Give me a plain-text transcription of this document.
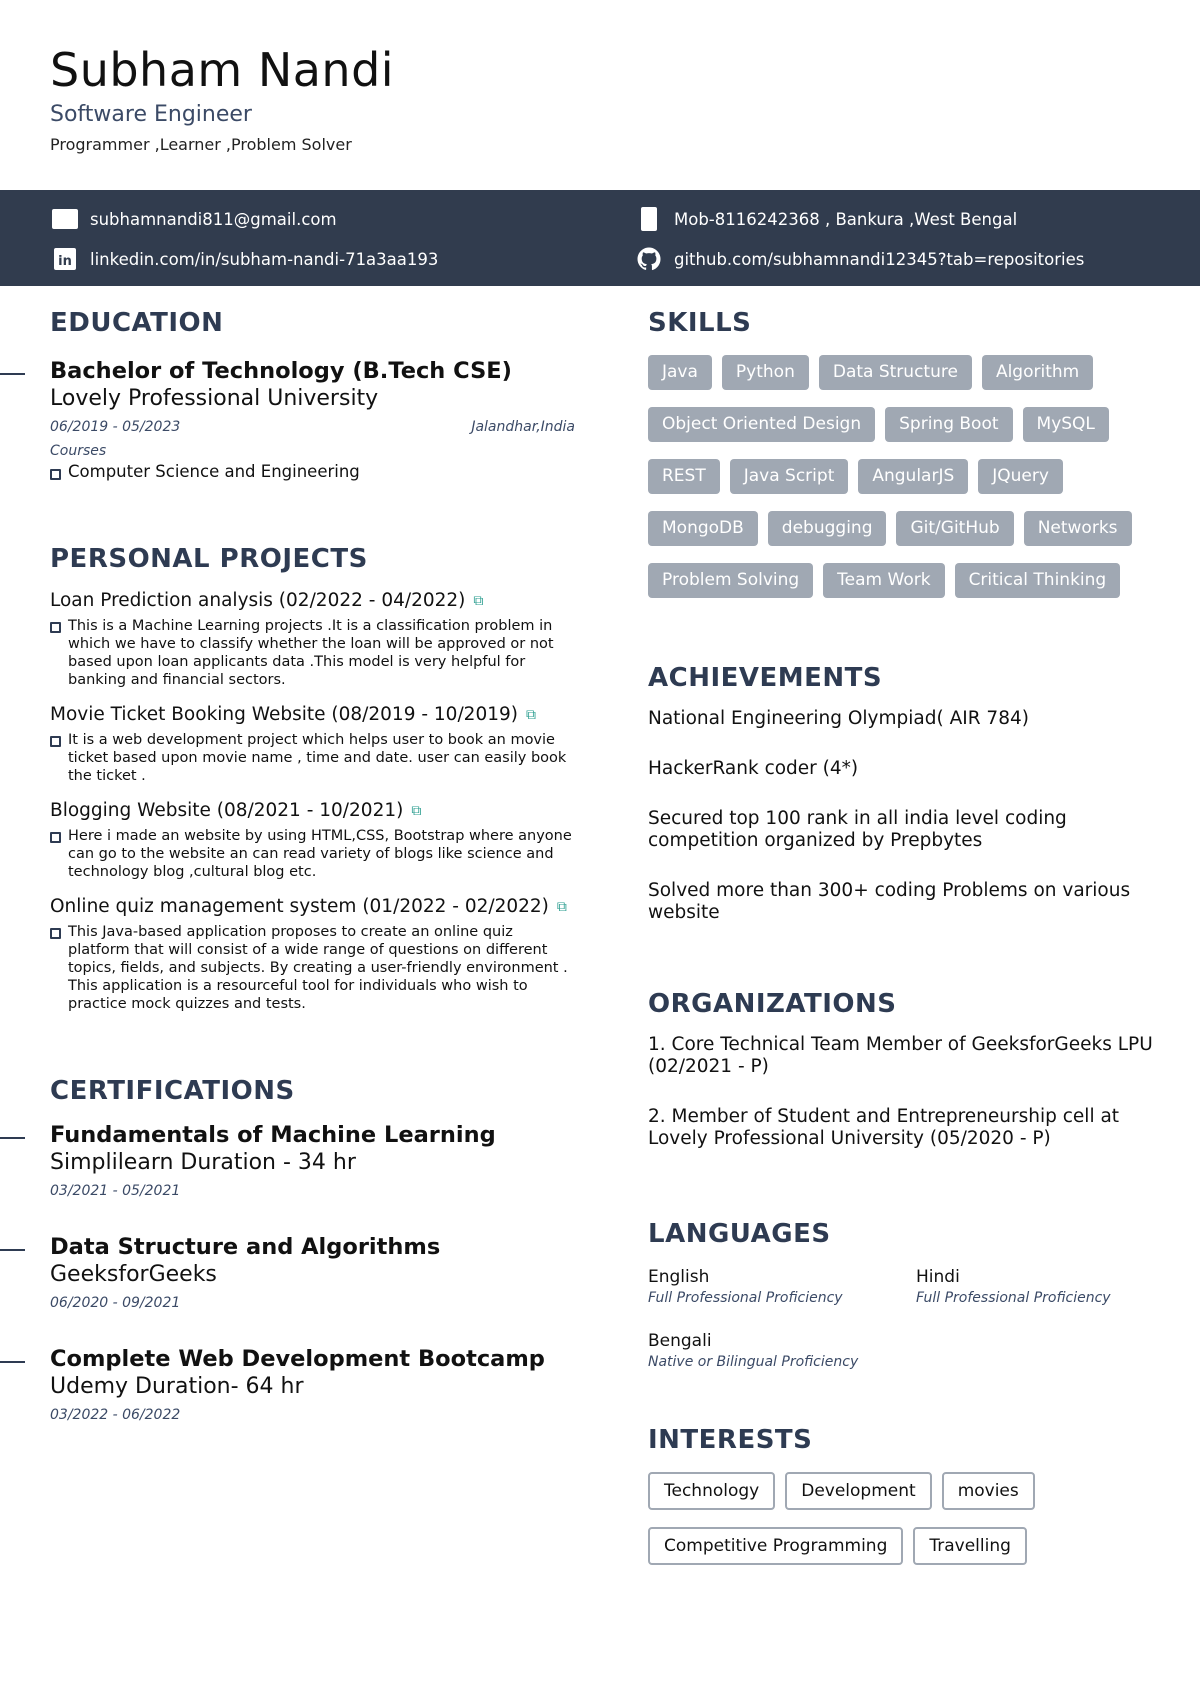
Subham Nandi
Software Engineer
Programmer ,Learner ,Problem Solver
subhamnandi811@gmail.com	Mob-8116242368 , Bankura ,West Bengal
in linkedin.com/in/subham-nandi-71a3aa193	github.com/subhamnandi12345?tab=repositories
EDUCATION
Bachelor of Technology (B.Tech CSE)
Lovely Professional University
06/2019 - 05/2023	Jalandhar,India
Courses
Computer Science and Engineering
PERSONAL PROJECTS
Loan Prediction analysis (02/2022 - 04/2022) ⧉
This is a Machine Learning projects .It is a classification problem in which we have to classify whether the loan will be approved or not based upon loan applicants data .This model is very helpful for banking and financial sectors.
Movie Ticket Booking Website (08/2019 - 10/2019) ⧉
It is a web development project which helps user to book an movie ticket based upon movie name , time and date. user can easily book the ticket .
Blogging Website (08/2021 - 10/2021) ⧉
Here i made an website by using HTML,CSS, Bootstrap where anyone can go to the website an can read variety of blogs like science and technology blog ,cultural blog etc.
Online quiz management system (01/2022 - 02/2022) ⧉
This Java-based application proposes to create an online quiz platform that will consist of a wide range of questions on different topics, fields, and subjects. By creating a user-friendly environment . This application is a resourceful tool for individuals who wish to practice mock quizzes and tests.
CERTIFICATIONS
Fundamentals of Machine Learning
Simplilearn Duration - 34 hr
03/2021 - 05/2021
Data Structure and Algorithms
GeeksforGeeks
06/2020 - 09/2021
Complete Web Development Bootcamp
Udemy Duration- 64 hr
03/2022 - 06/2022
SKILLS
Java	Python	Data Structure	Algorithm
Object Oriented Design	Spring Boot	MySQL
REST	Java Script	AngularJS	JQuery
MongoDB	debugging	Git/GitHub	Networks
Problem Solving	Team Work	Critical Thinking
ACHIEVEMENTS
National Engineering Olympiad( AIR 784)
HackerRank coder (4*)
Secured top 100 rank in all india level coding competition organized by Prepbytes
Solved more than 300+ coding Problems on various website
ORGANIZATIONS
1. Core Technical Team Member of GeeksforGeeks LPU (02/2021 - P)
2. Member of Student and Entrepreneurship cell at Lovely Professional University (05/2020 - P)
LANGUAGES
English
Full Professional Proficiency
Hindi
Full Professional Proficiency
Bengali
Native or Bilingual Proficiency
INTERESTS
Technology	Development	movies
Competitive Programming	Travelling
